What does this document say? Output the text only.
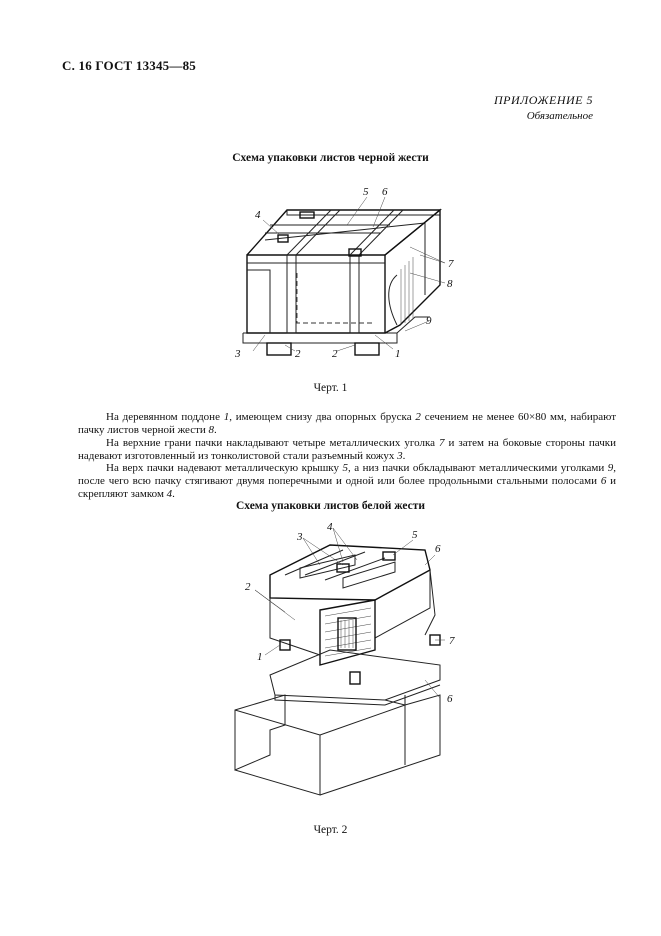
С. 16 ГОСТ 13345—85
ПРИЛОЖЕНИЕ 5
Обязательное
Схема упаковки листов черной жести
4
5 6
7
8
9
1
3	2	2
Черт. 1
На деревянном поддоне 1, имеющем снизу два опорных бруска 2 сечением не менее 60×80 мм, набирают пачку листов черной жести 8.
На верхние грани пачки накладывают четыре металлических уголка 7 и затем на боковые стороны пачки надевают изготовленный из тонколистовой стали разъемный кожух 3.
На верх пачки надевают металлическую крышку 5, а низ пачки обкладывают металлическими уголками 9, после чего всю пачку стягивают двумя поперечными и одной или более продольными стальными полосами 6 и скрепляют замком 4.
Схема упаковки листов белой жести
3
4
5
6
2
1
7
6
Черт. 2
